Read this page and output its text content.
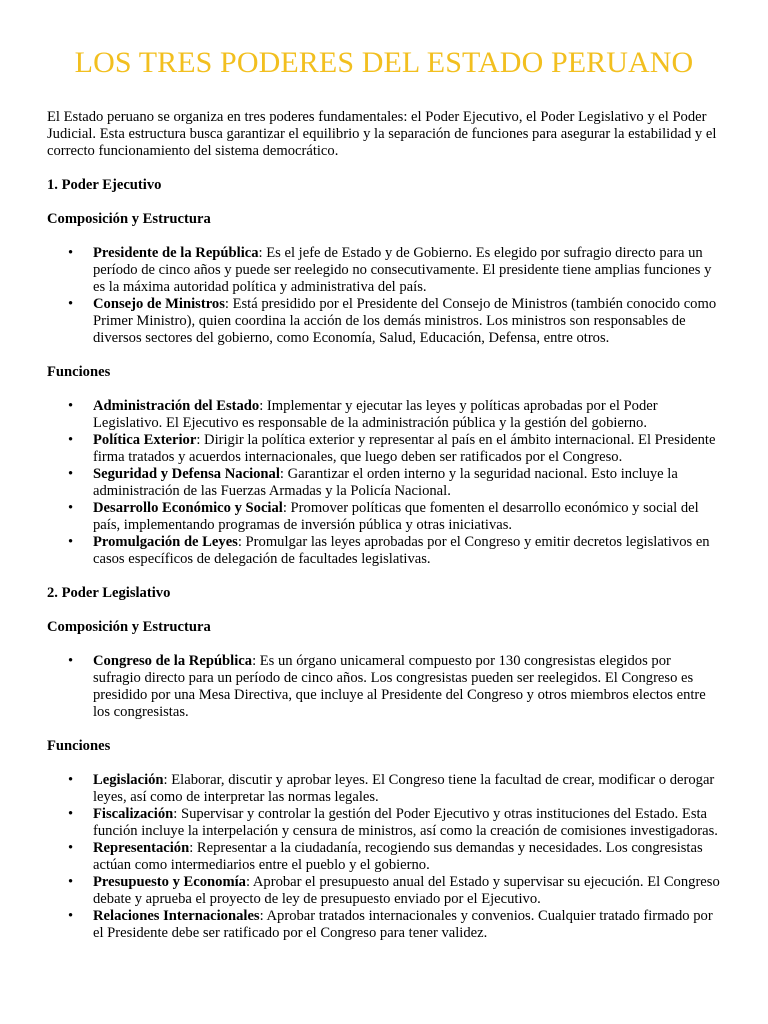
LOS TRES PODERES DEL ESTADO PERUANO

El Estado peruano se organiza en tres poderes fundamentales: el Poder Ejecutivo, el Poder Legislativo y el Poder Judicial. Esta estructura busca garantizar el equilibrio y la separación de funciones para asegurar la estabilidad y el correcto funcionamiento del sistema democrático.

1. Poder Ejecutivo

Composición y Estructura

• Presidente de la República: Es el jefe de Estado y de Gobierno. Es elegido por sufragio directo para un período de cinco años y puede ser reelegido no consecutivamente. El presidente tiene amplias funciones y es la máxima autoridad política y administrativa del país.
• Consejo de Ministros: Está presidido por el Presidente del Consejo de Ministros (también conocido como Primer Ministro), quien coordina la acción de los demás ministros. Los ministros son responsables de diversos sectores del gobierno, como Economía, Salud, Educación, Defensa, entre otros.

Funciones

• Administración del Estado: Implementar y ejecutar las leyes y políticas aprobadas por el Poder Legislativo. El Ejecutivo es responsable de la administración pública y la gestión del gobierno.
• Política Exterior: Dirigir la política exterior y representar al país en el ámbito internacional. El Presidente firma tratados y acuerdos internacionales, que luego deben ser ratificados por el Congreso.
• Seguridad y Defensa Nacional: Garantizar el orden interno y la seguridad nacional. Esto incluye la administración de las Fuerzas Armadas y la Policía Nacional.
• Desarrollo Económico y Social: Promover políticas que fomenten el desarrollo económico y social del país, implementando programas de inversión pública y otras iniciativas.
• Promulgación de Leyes: Promulgar las leyes aprobadas por el Congreso y emitir decretos legislativos en casos específicos de delegación de facultades legislativas.

2. Poder Legislativo

Composición y Estructura

• Congreso de la República: Es un órgano unicameral compuesto por 130 congresistas elegidos por sufragio directo para un período de cinco años. Los congresistas pueden ser reelegidos. El Congreso es presidido por una Mesa Directiva, que incluye al Presidente del Congreso y otros miembros electos entre los congresistas.

Funciones

• Legislación: Elaborar, discutir y aprobar leyes. El Congreso tiene la facultad de crear, modificar o derogar leyes, así como de interpretar las normas legales.
• Fiscalización: Supervisar y controlar la gestión del Poder Ejecutivo y otras instituciones del Estado. Esta función incluye la interpelación y censura de ministros, así como la creación de comisiones investigadoras.
• Representación: Representar a la ciudadanía, recogiendo sus demandas y necesidades. Los congresistas actúan como intermediarios entre el pueblo y el gobierno.
• Presupuesto y Economía: Aprobar el presupuesto anual del Estado y supervisar su ejecución. El Congreso debate y aprueba el proyecto de ley de presupuesto enviado por el Ejecutivo.
• Relaciones Internacionales: Aprobar tratados internacionales y convenios. Cualquier tratado firmado por el Presidente debe ser ratificado por el Congreso para tener validez.
